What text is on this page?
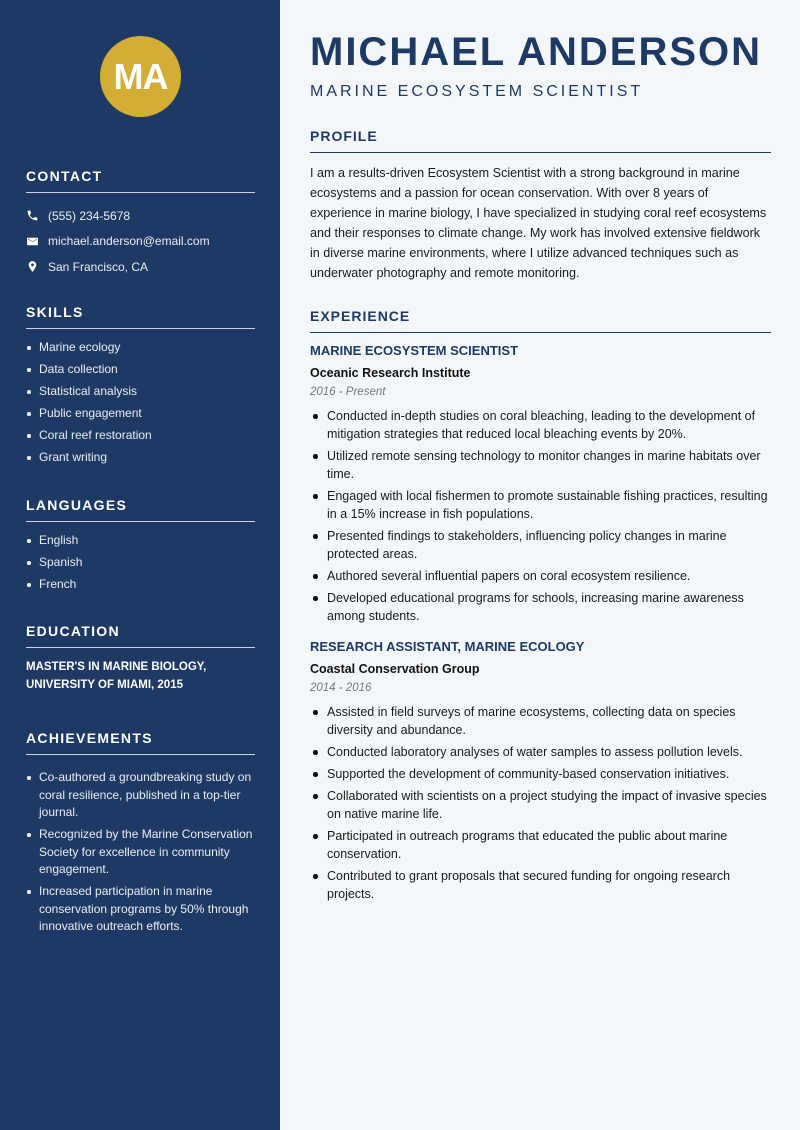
MA
CONTACT
(555) 234-5678
michael.anderson@email.com
San Francisco, CA
SKILLS
Marine ecology
Data collection
Statistical analysis
Public engagement
Coral reef restoration
Grant writing
LANGUAGES
English
Spanish
French
EDUCATION
MASTER'S IN MARINE BIOLOGY,
UNIVERSITY OF MIAMI, 2015
ACHIEVEMENTS
Co-authored a groundbreaking study on coral resilience, published in a top-tier journal.
Recognized by the Marine Conservation Society for excellence in community engagement.
Increased participation in marine conservation programs by 50% through innovative outreach efforts.
MICHAEL ANDERSON
MARINE ECOSYSTEM SCIENTIST
PROFILE
I am a results-driven Ecosystem Scientist with a strong background in marine ecosystems and a passion for ocean conservation. With over 8 years of experience in marine biology, I have specialized in studying coral reef ecosystems and their responses to climate change. My work has involved extensive fieldwork in diverse marine environments, where I utilize advanced techniques such as underwater photography and remote monitoring.
EXPERIENCE
MARINE ECOSYSTEM SCIENTIST
Oceanic Research Institute
2016 - Present
Conducted in-depth studies on coral bleaching, leading to the development of mitigation strategies that reduced local bleaching events by 20%.
Utilized remote sensing technology to monitor changes in marine habitats over time.
Engaged with local fishermen to promote sustainable fishing practices, resulting in a 15% increase in fish populations.
Presented findings to stakeholders, influencing policy changes in marine protected areas.
Authored several influential papers on coral ecosystem resilience.
Developed educational programs for schools, increasing marine awareness among students.
RESEARCH ASSISTANT, MARINE ECOLOGY
Coastal Conservation Group
2014 - 2016
Assisted in field surveys of marine ecosystems, collecting data on species diversity and abundance.
Conducted laboratory analyses of water samples to assess pollution levels.
Supported the development of community-based conservation initiatives.
Collaborated with scientists on a project studying the impact of invasive species on native marine life.
Participated in outreach programs that educated the public about marine conservation.
Contributed to grant proposals that secured funding for ongoing research projects.
